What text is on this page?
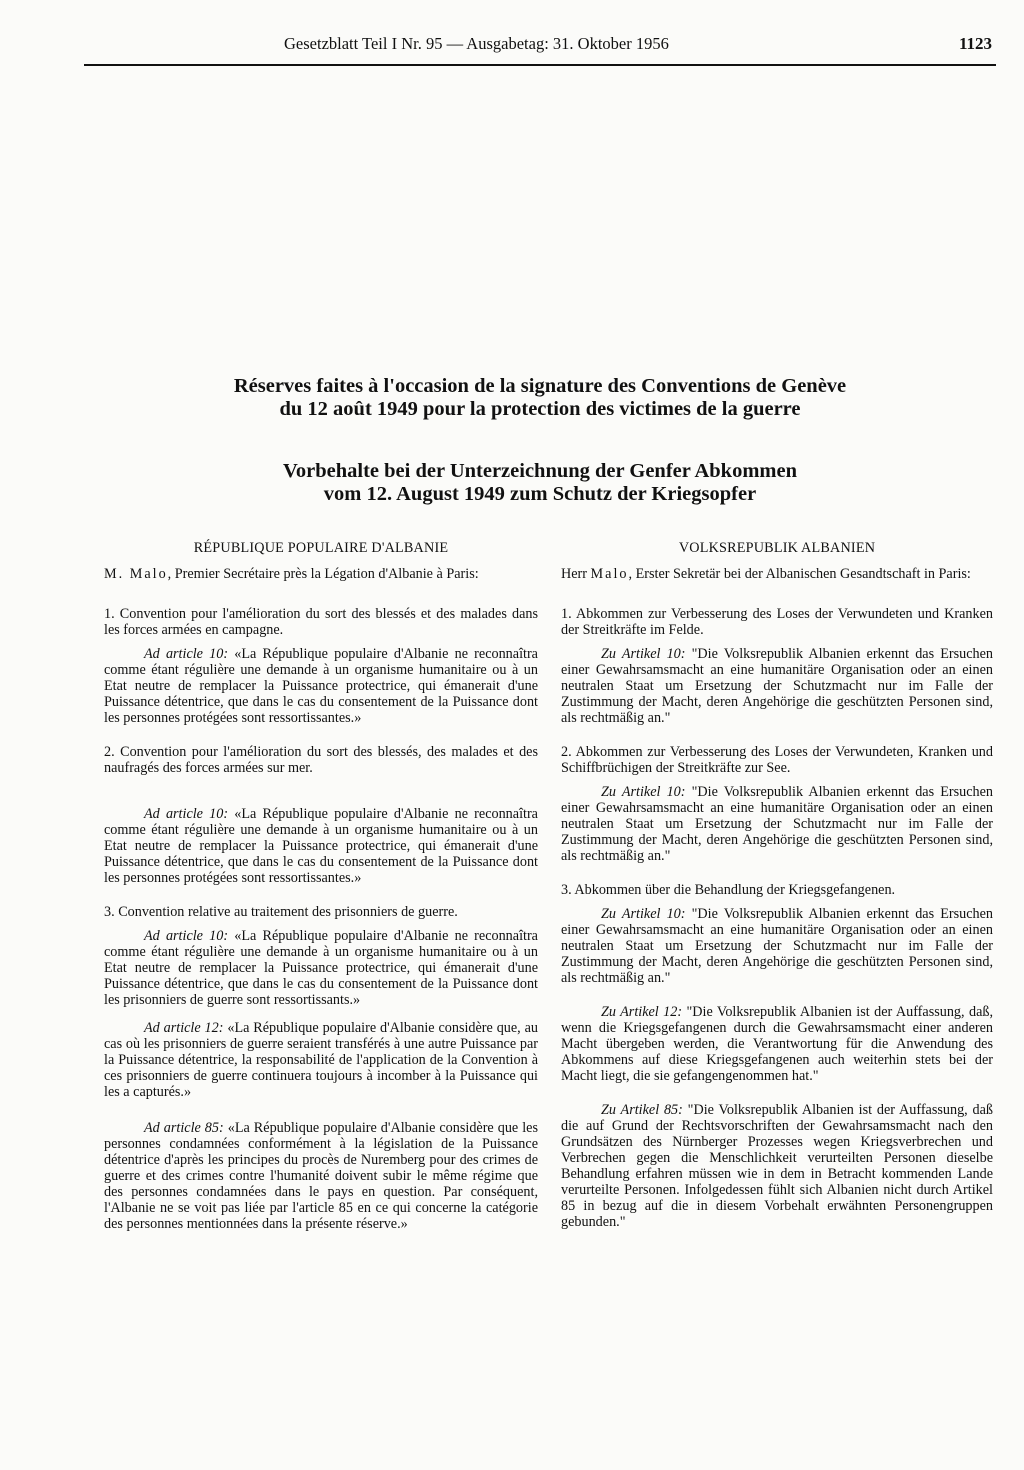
Gesetzblatt Teil I Nr. 95 — Ausgabetag: 31. Oktober 1956	1123
Réserves faites à l'occasion de la signature des Conventions de Genève
du 12 août 1949 pour la protection des victimes de la guerre
Vorbehalte bei der Unterzeichnung der Genfer Abkommen
vom 12. August 1949 zum Schutz der Kriegsopfer

RÉPUBLIQUE POPULAIRE D'ALBANIE

M. Malo, Premier Secrétaire près la Légation d'Albanie à Paris:

1. Convention pour l'amélioration du sort des blessés et des malades dans les forces armées en campagne.

Ad article 10: «La République populaire d'Albanie ne reconnaîtra comme étant régulière une demande à un organisme humanitaire ou à un Etat neutre de remplacer la Puissance protectrice, qui émanerait d'une Puissance détentrice, que dans le cas du consentement de la Puissance dont les personnes protégées sont ressortissantes.»

2. Convention pour l'amélioration du sort des blessés, des malades et des naufragés des forces armées sur mer.

Ad article 10: «La République populaire d'Albanie ne reconnaîtra comme étant régulière une demande à un organisme humanitaire ou à un Etat neutre de remplacer la Puissance protectrice, qui émanerait d'une Puissance détentrice, que dans le cas du consentement de la Puissance dont les personnes protégées sont ressortissantes.»

3. Convention relative au traitement des prisonniers de guerre.

Ad article 10: «La République populaire d'Albanie ne reconnaîtra comme étant régulière une demande à un organisme humanitaire ou à un Etat neutre de remplacer la Puissance protectrice, qui émanerait d'une Puissance détentrice, que dans le cas du consentement de la Puissance dont les prisonniers de guerre sont ressortissants.»

Ad article 12: «La République populaire d'Albanie considère que, au cas où les prisonniers de guerre seraient transférés à une autre Puissance par la Puissance détentrice, la responsabilité de l'application de la Convention à ces prisonniers de guerre continuera toujours à incomber à la Puissance qui les a capturés.»

Ad article 85: «La République populaire d'Albanie considère que les personnes condamnées conformément à la législation de la Puissance détentrice d'après les principes du procès de Nuremberg pour des crimes de guerre et des crimes contre l'humanité doivent subir le même régime que des personnes condamnées dans le pays en question. Par conséquent, l'Albanie ne se voit pas liée par l'article 85 en ce qui concerne la catégorie des personnes mentionnées dans la présente réserve.»

VOLKSREPUBLIK ALBANIEN

Herr Malo, Erster Sekretär bei der Albanischen Gesandtschaft in Paris:

1. Abkommen zur Verbesserung des Loses der Verwundeten und Kranken der Streitkräfte im Felde.

Zu Artikel 10: "Die Volksrepublik Albanien erkennt das Ersuchen einer Gewahrsamsmacht an eine humanitäre Organisation oder an einen neutralen Staat um Ersetzung der Schutzmacht nur im Falle der Zustimmung der Macht, deren Angehörige die geschützten Personen sind, als rechtmäßig an."

2. Abkommen zur Verbesserung des Loses der Verwundeten, Kranken und Schiffbrüchigen der Streitkräfte zur See.

Zu Artikel 10: "Die Volksrepublik Albanien erkennt das Ersuchen einer Gewahrsamsmacht an eine humanitäre Organisation oder an einen neutralen Staat um Ersetzung der Schutzmacht nur im Falle der Zustimmung der Macht, deren Angehörige die geschützten Personen sind, als rechtmäßig an."

3. Abkommen über die Behandlung der Kriegsgefangenen.

Zu Artikel 10: "Die Volksrepublik Albanien erkennt das Ersuchen einer Gewahrsamsmacht an eine humanitäre Organisation oder an einen neutralen Staat um Ersetzung der Schutzmacht nur im Falle der Zustimmung der Macht, deren Angehörige die geschützten Personen sind, als rechtmäßig an."

Zu Artikel 12: "Die Volksrepublik Albanien ist der Auffassung, daß, wenn die Kriegsgefangenen durch die Gewahrsamsmacht einer anderen Macht übergeben werden, die Verantwortung für die Anwendung des Abkommens auf diese Kriegsgefangenen auch weiterhin stets bei der Macht liegt, die sie gefangengenommen hat."

Zu Artikel 85: "Die Volksrepublik Albanien ist der Auffassung, daß die auf Grund der Rechtsvorschriften der Gewahrsamsmacht nach den Grundsätzen des Nürnberger Prozesses wegen Kriegsverbrechen und Verbrechen gegen die Menschlichkeit verurteilten Personen dieselbe Behandlung erfahren müssen wie in dem in Betracht kommenden Lande verurteilte Personen. Infolgedessen fühlt sich Albanien nicht durch Artikel 85 in bezug auf die in diesem Vorbehalt erwähnten Personengruppen gebunden."
